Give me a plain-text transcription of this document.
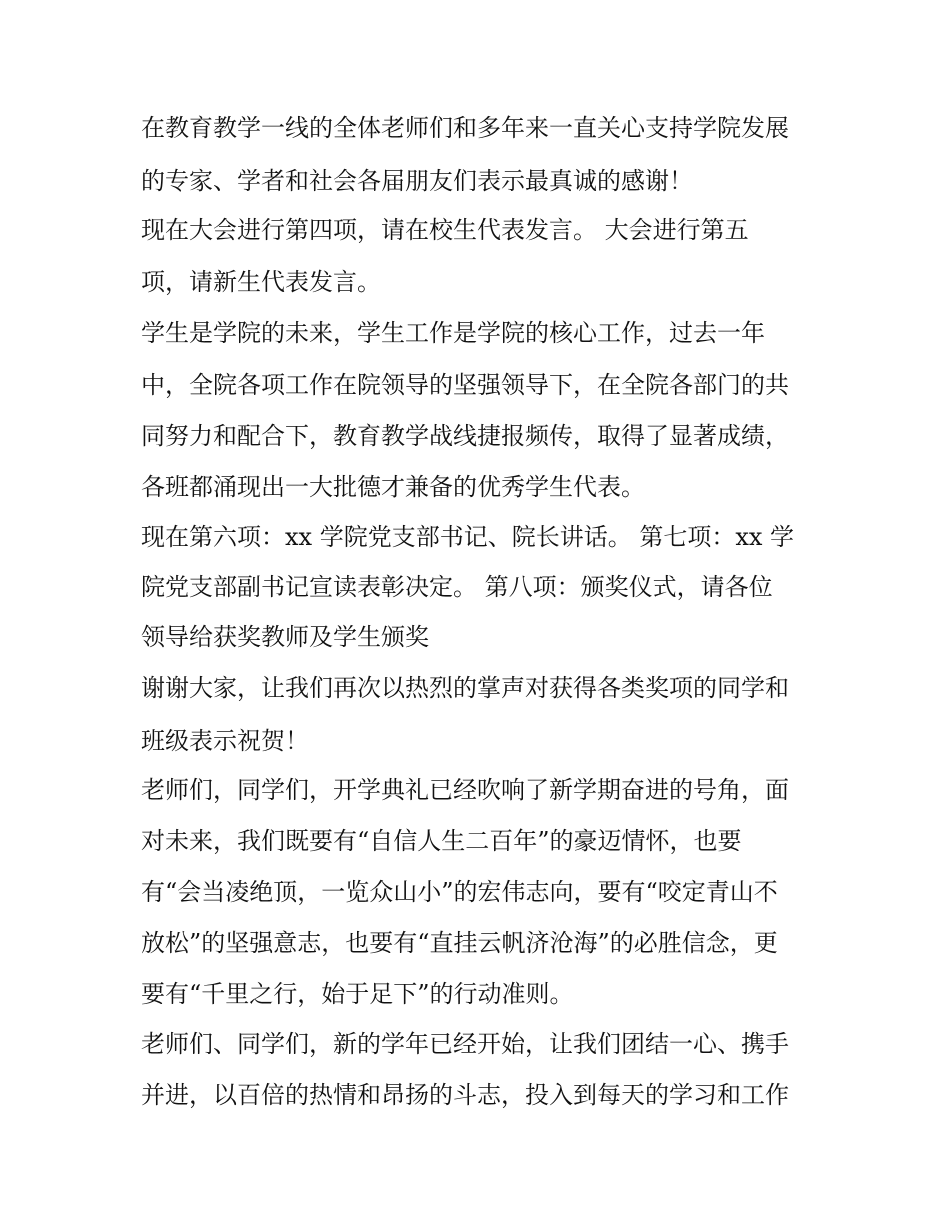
在教育教学一线的全体老师们和多年来一直关心支持学院发展
的专家、学者和社会各届朋友们表示最真诚的感谢！
现在大会进行第四项，请在校生代表发言。 大会进行第五
项，请新生代表发言。
学生是学院的未来，学生工作是学院的核心工作，过去一年
中，全院各项工作在院领导的坚强领导下，在全院各部门的共
同努力和配合下，教育教学战线捷报频传，取得了显著成绩，
各班都涌现出一大批德才兼备的优秀学生代表。
现在第六项：xx 学院党支部书记、院长讲话。 第七项：xx 学
院党支部副书记宣读表彰决定。 第八项：颁奖仪式，请各位
领导给获奖教师及学生颁奖
谢谢大家，让我们再次以热烈的掌声对获得各类奖项的同学和
班级表示祝贺！
老师们，同学们，开学典礼已经吹响了新学期奋进的号角，面
对未来，我们既要有“自信人生二百年”的豪迈情怀，也要
有“会当凌绝顶，一览众山小”的宏伟志向，要有“咬定青山不
放松”的坚强意志，也要有“直挂云帆济沧海”的必胜信念，更
要有“千里之行，始于足下”的行动准则。
老师们、同学们，新的学年已经开始，让我们团结一心、携手
并进，以百倍的热情和昂扬的斗志，投入到每天的学习和工作
